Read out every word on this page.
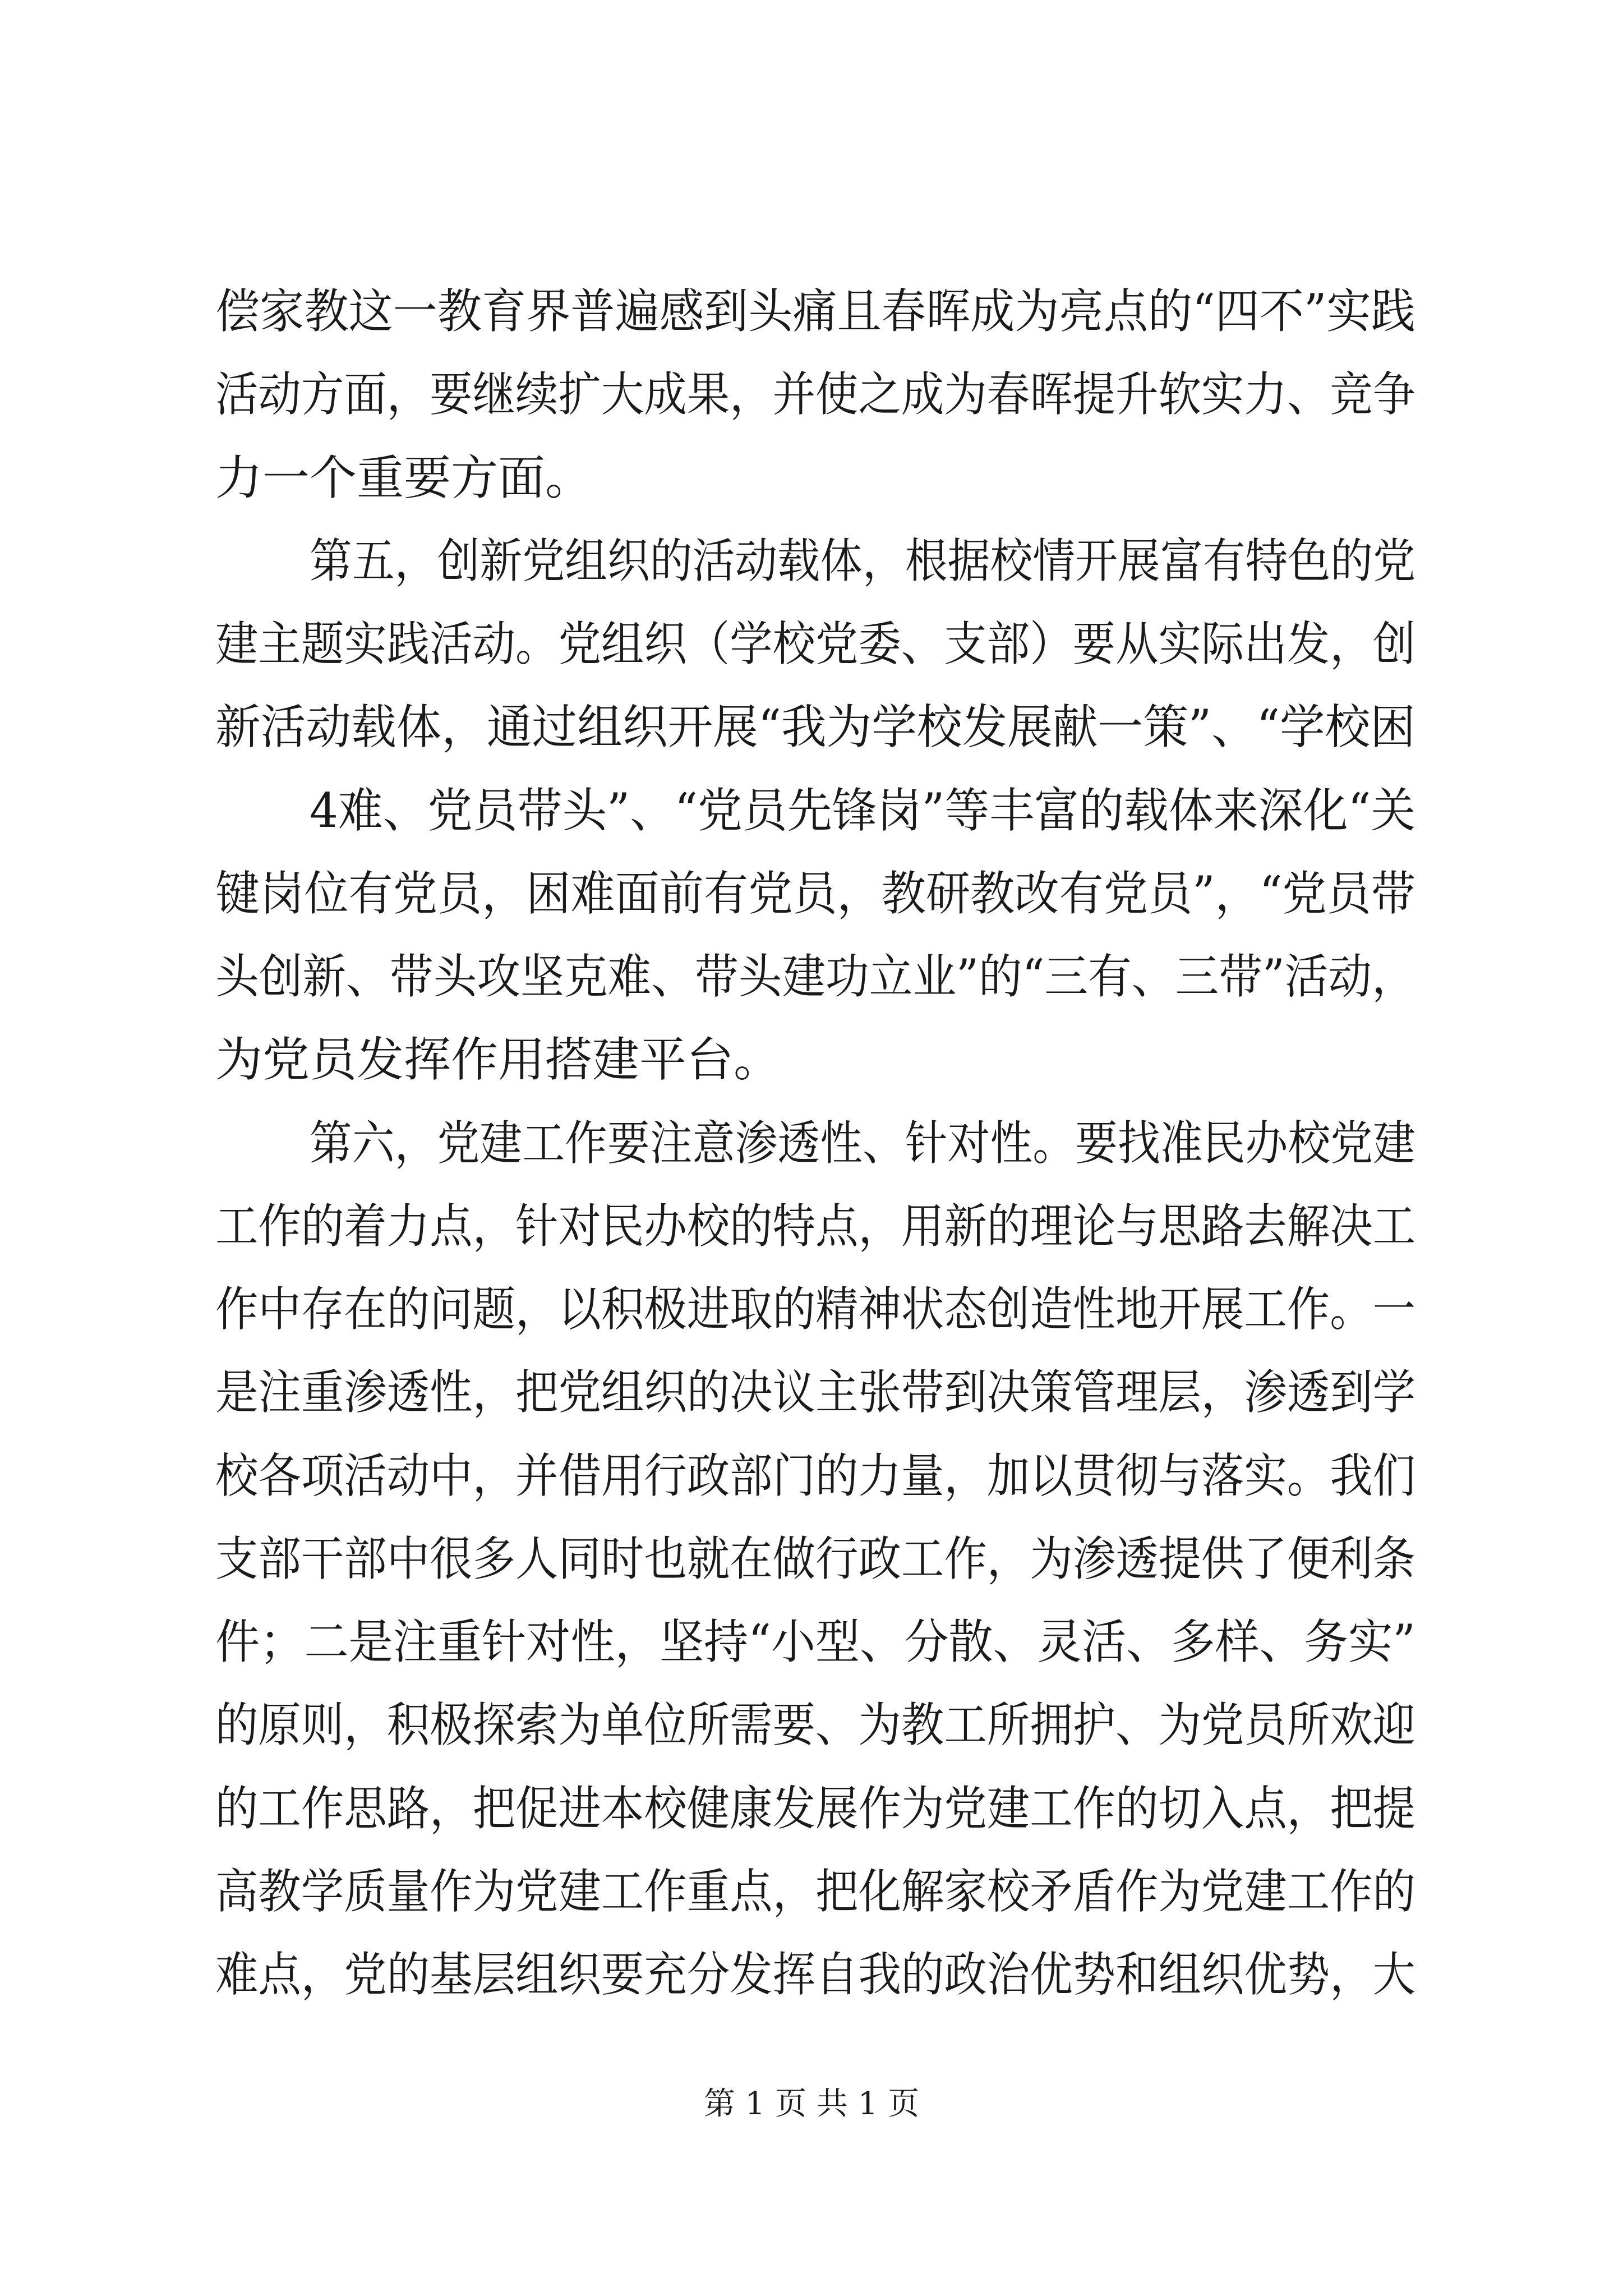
偿家教这一教育界普遍感到头痛且春晖成为亮点的“四不”实践
活动方面，要继续扩大成果，并使之成为春晖提升软实力、竞争
力一个重要方面。
第五，创新党组织的活动载体，根据校情开展富有特色的党
建主题实践活动。党组织（学校党委、支部）要从实际出发，创
新活动载体，通过组织开展“我为学校发展献一策”、“学校困
4难、党员带头”、“党员先锋岗”等丰富的载体来深化“关
键岗位有党员，困难面前有党员，教研教改有党员”，“党员带
头创新、带头攻坚克难、带头建功立业”的“三有、三带”活动，
为党员发挥作用搭建平台。
第六，党建工作要注意渗透性、针对性。要找准民办校党建
工作的着力点，针对民办校的特点，用新的理论与思路去解决工
作中存在的问题，以积极进取的精神状态创造性地开展工作。一
是注重渗透性，把党组织的决议主张带到决策管理层，渗透到学
校各项活动中，并借用行政部门的力量，加以贯彻与落实。我们
支部干部中很多人同时也就在做行政工作，为渗透提供了便利条
件；二是注重针对性，坚持“小型、分散、灵活、多样、务实”
的原则，积极探索为单位所需要、为教工所拥护、为党员所欢迎
的工作思路，把促进本校健康发展作为党建工作的切入点，把提
高教学质量作为党建工作重点，把化解家校矛盾作为党建工作的
难点，党的基层组织要充分发挥自我的政治优势和组织优势，大
第 1 页 共 1 页
